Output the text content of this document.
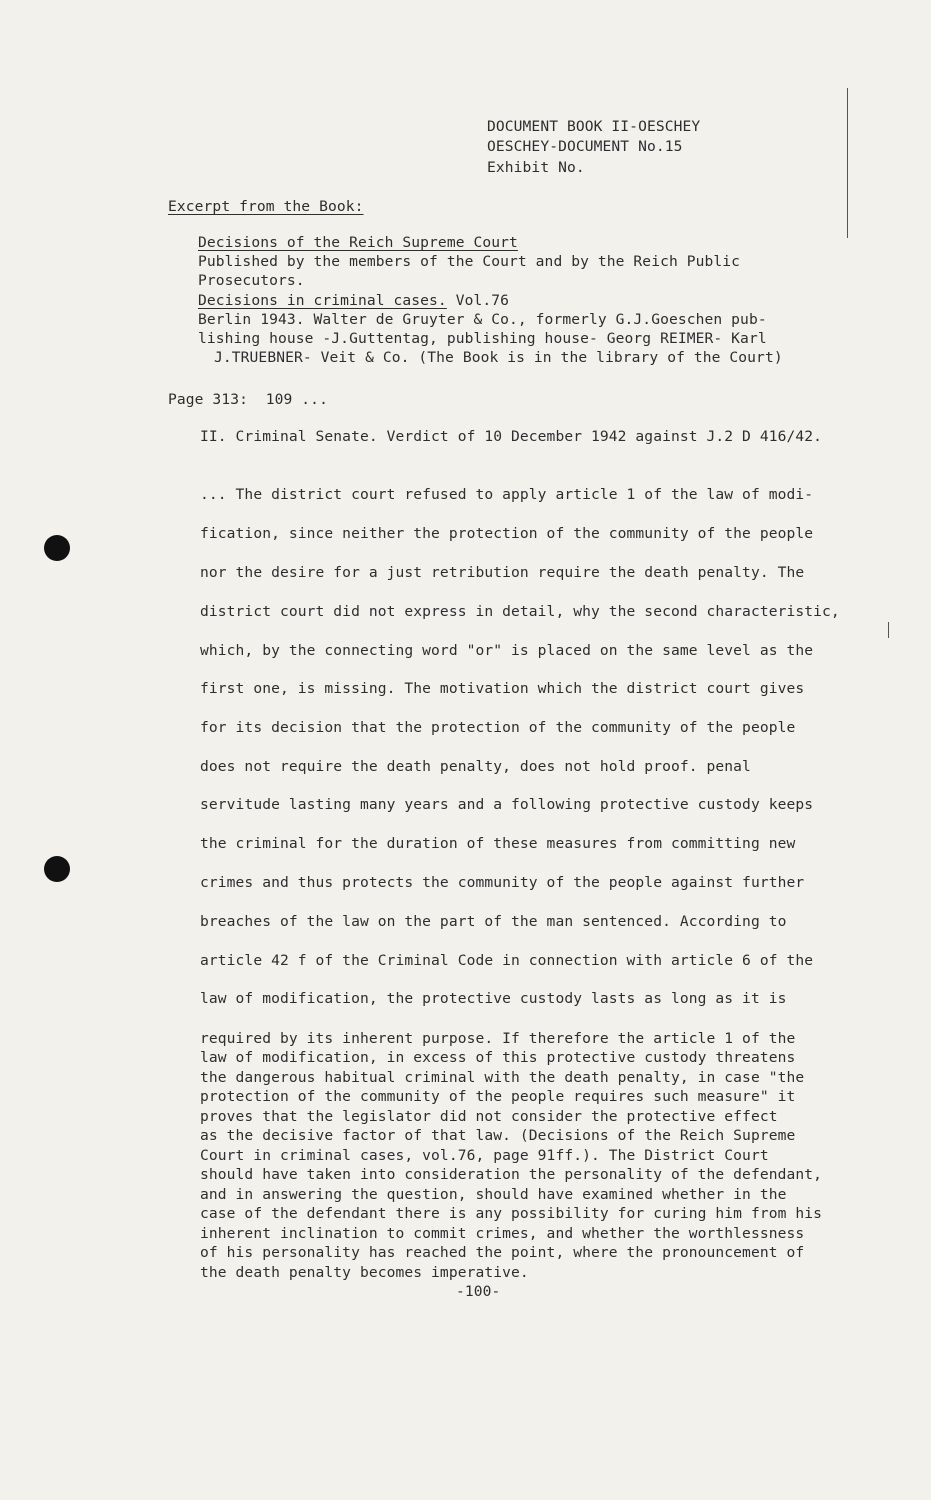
DOCUMENT BOOK II-OESCHEY
OESCHEY-DOCUMENT No.15
Exhibit No.
Excerpt from the Book:
Decisions of the Reich Supreme Court
Published by the members of the Court and by the Reich Public
Prosecutors.
Decisions in criminal cases. Vol.76
Berlin 1943. Walter de Gruyter & Co., formerly G.J.Goeschen pub-
lishing house -J.Guttentag, publishing house- Georg REIMER- Karl
J.TRUEBNER- Veit & Co. (The Book is in the library of the Court)
Page 313:  109 ...
II. Criminal Senate. Verdict of 10 December 1942 against J.2 D 416/42.
... The district court refused to apply article 1 of the law of modi-
fication, since neither the protection of the community of the people
nor the desire for a just retribution require the death penalty. The
district court did not express in detail, why the second characteristic,
which, by the connecting word "or" is placed on the same level as the
first one, is missing. The motivation which the district court gives
for its decision that the protection of the community of the people
does not require the death penalty, does not hold proof. penal
servitude lasting many years and a following protective custody keeps
the criminal for the duration of these measures from committing new
crimes and thus protects the community of the people against further
breaches of the law on the part of the man sentenced. According to
article 42 f of the Criminal Code in connection with article 6 of the
law of modification, the protective custody lasts as long as it is
required by its inherent purpose. If therefore the article 1 of the
law of modification, in excess of this protective custody threatens
the dangerous habitual criminal with the death penalty, in case "the
protection of the community of the people requires such measure" it
proves that the legislator did not consider the protective effect
as the decisive factor of that law. (Decisions of the Reich Supreme
Court in criminal cases, vol.76, page 91ff.). The District Court
should have taken into consideration the personality of the defendant,
and in answering the question, should have examined whether in the
case of the defendant there is any possibility for curing him from his
inherent inclination to commit crimes, and whether the worthlessness
of his personality has reached the point, where the pronouncement of
the death penalty becomes imperative.
-100-
